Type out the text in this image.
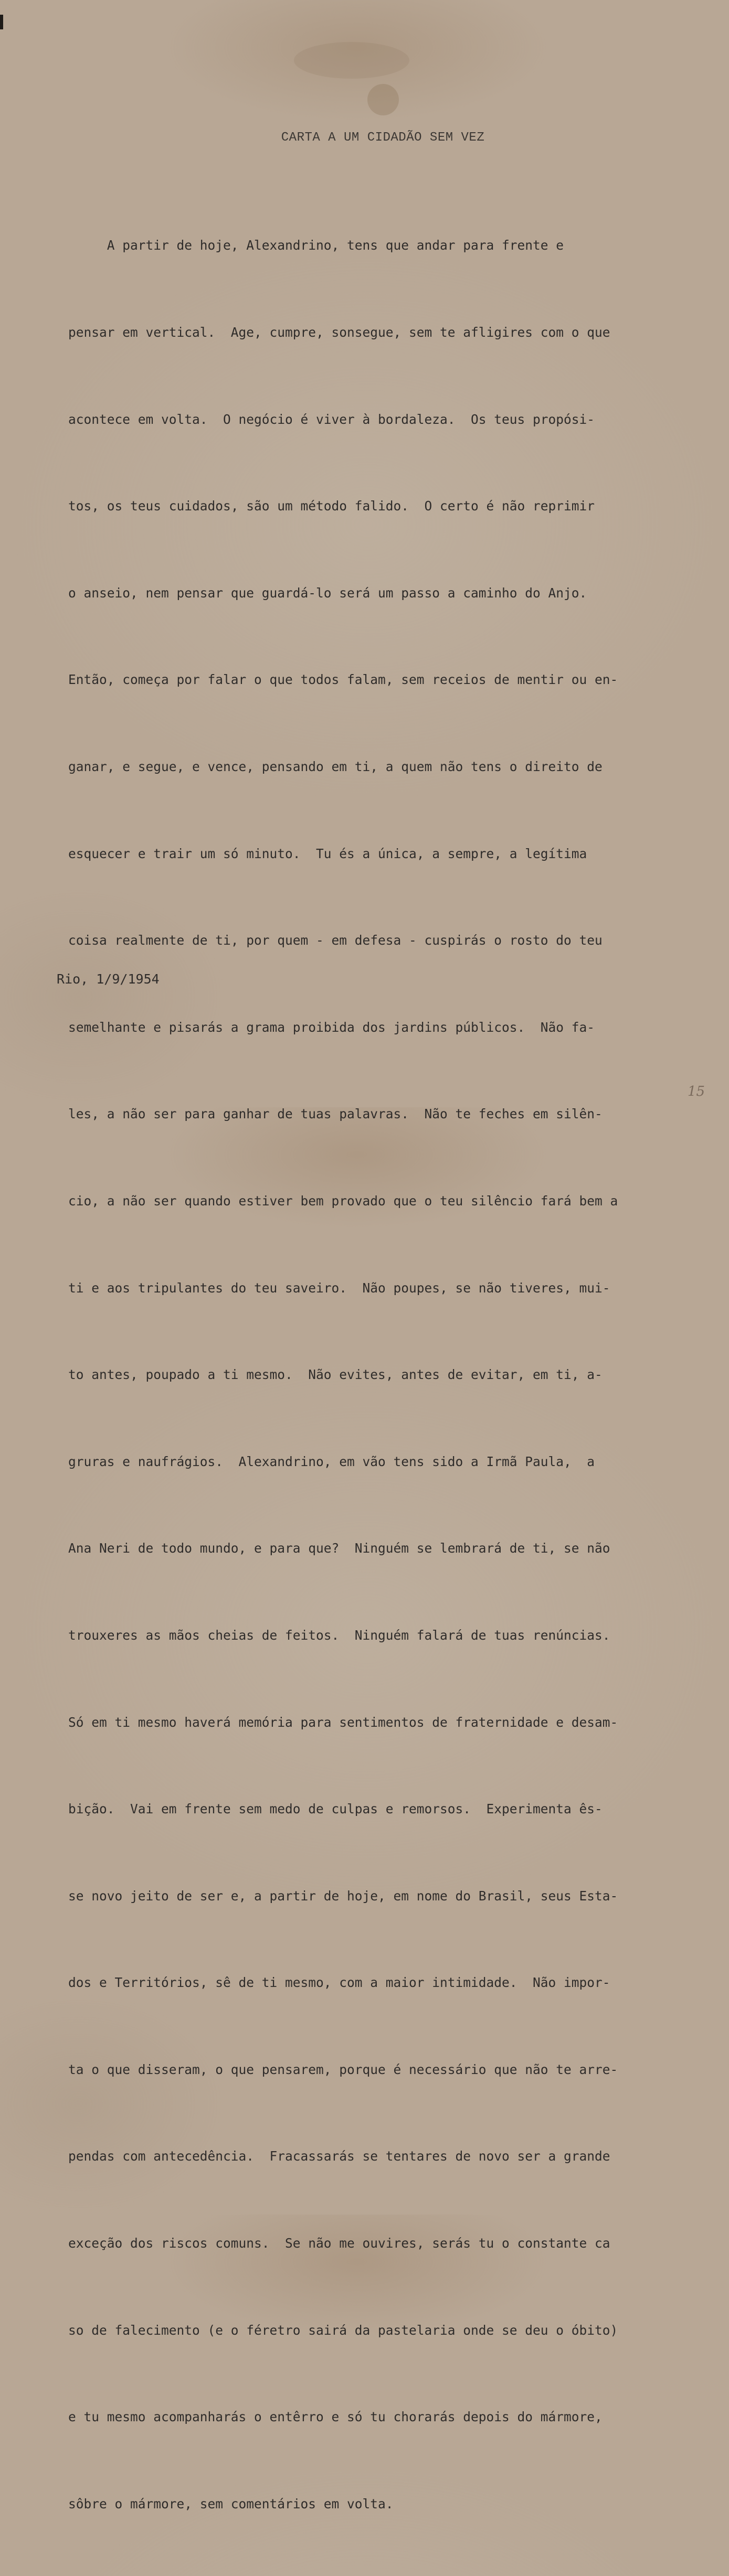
CARTA A UM CIDADÃO SEM VEZ

A partir de hoje, Alexandrino, tens que andar para frente e

pensar em vertical.  Age, cumpre, sonsegue, sem te afligires com o que

acontece em volta.  O negócio é viver à bordaleza.  Os teus propósi-

tos, os teus cuidados, são um método falido.  O certo é não reprimir

o anseio, nem pensar que guardá-lo será um passo a caminho do Anjo.

Então, começa por falar o que todos falam, sem receios de mentir ou en-

ganar, e segue, e vence, pensando em ti, a quem não tens o direito de

esquecer e trair um só minuto.  Tu és a única, a sempre, a legítima

coisa realmente de ti, por quem - em defesa - cuspirás o rosto do teu

semelhante e pisarás a grama proibida dos jardins públicos.  Não fa-

les, a não ser para ganhar de tuas palavras.  Não te feches em silên-

cio, a não ser quando estiver bem provado que o teu silêncio fará bem a

ti e aos tripulantes do teu saveiro.  Não poupes, se não tiveres, mui-

to antes, poupado a ti mesmo.  Não evites, antes de evitar, em ti, a-

gruras e naufrágios.  Alexandrino, em vão tens sido a Irmã Paula,  a

Ana Neri de todo mundo, e para que?  Ninguém se lembrará de ti, se não

trouxeres as mãos cheias de feitos.  Ninguém falará de tuas renúncias.

Só em ti mesmo haverá memória para sentimentos de fraternidade e desam-

bição.  Vai em frente sem medo de culpas e remorsos.  Experimenta ês-

se novo jeito de ser e, a partir de hoje, em nome do Brasil, seus Esta-

dos e Territórios, sê de ti mesmo, com a maior intimidade.  Não impor-

ta o que disseram, o que pensarem, porque é necessário que não te arre-

pendas com antecedência.  Fracassarás se tentares de novo ser a grande

exceção dos riscos comuns.  Se não me ouvires, serás tu o constante ca

so de falecimento (e o féretro sairá da pastelaria onde se deu o óbito)

e tu mesmo acompanharás o entêrro e só tu chorarás depois do mármore,

sôbre o mármore, sem comentários em volta.

Rio, 1/9/1954
15
